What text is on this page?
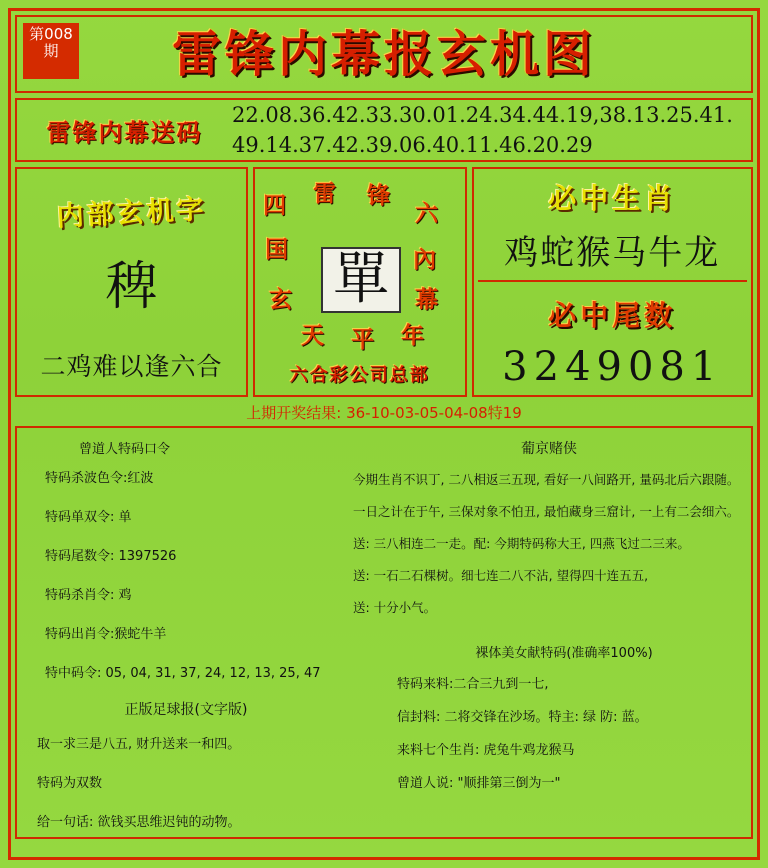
第008期	雷锋内幕报玄机图
雷锋内幕送码
22.08.36.42.33.30.01.24.34.44.19,38.13.25.41.
49.14.37.42.39.06.40.11.46.20.29
内部玄机字
稗
二鸡难以逢六合
四 雷 锋
六
国	內
幕
玄
天 平 年
單
六合彩公司总部
必中生肖
鸡蛇猴马牛龙
必中尾数
3249081
上期开奖结果: 36-10-03-05-04-08特19
曾道人特码口令
特码杀波色令:红波
特码单双令: 单
特码尾数令: 1397526
特码杀肖令: 鸡
特码出肖令:猴蛇牛羊
特中码令: 05, 04, 31, 37, 24, 12, 13, 25, 47
正版足球报(文字版)
取一求三是八五, 财升送来一和四。
特码为双数
给一句话: 欲钱买思维迟钝的动物。
葡京赌侠
今期生肖不识丁, 二八相返三五现, 看好一八间路开, 量码北后六跟随。
一日之计在于午, 三保对象不怕丑, 最怕藏身三窟计, 一上有二会细六。
送: 三八相连二一走。配: 今期特码称大王, 四燕飞过二三来。
送: 一石二石棵树。细七连二八不沾, 望得四十连五五,
送: 十分小气。
裸体美女献特码(准确率100%)
特码来料:二合三九到一七,
信封料: 二将交锋在沙场。特主: 绿 防: 蓝。
来料七个生肖: 虎兔牛鸡龙猴马
曾道人说: "顺排第三倒为一"
